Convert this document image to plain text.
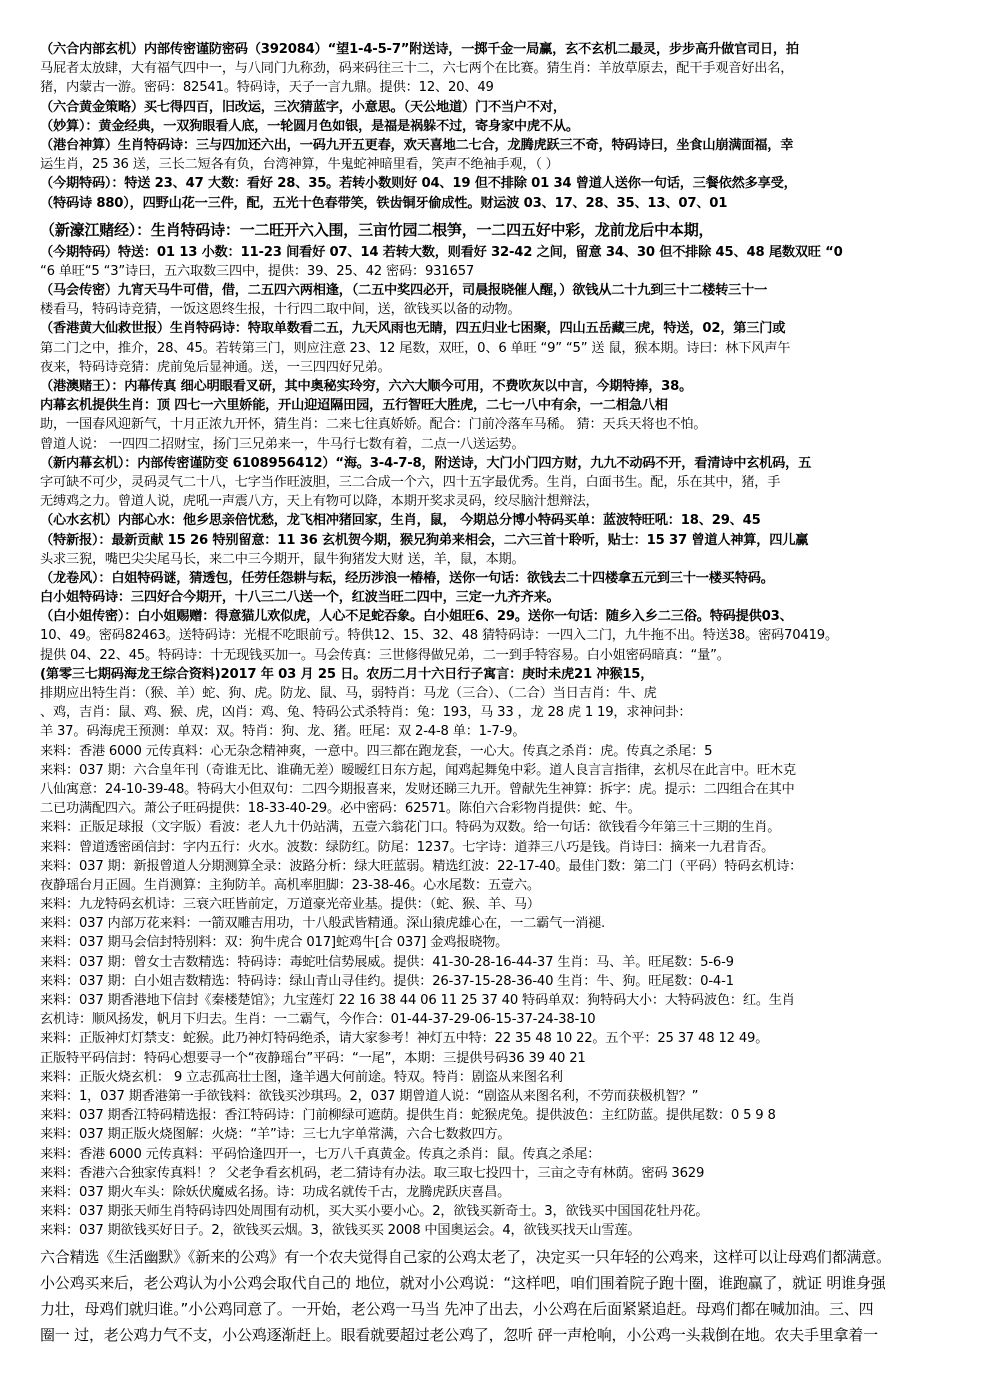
（六合内部玄机）内部传密谨防密码（392084）“望1-4-5-7”附送诗，一掷千金一局赢，玄不玄机二最灵，步步高升做官司日，拍
马屁者太放肆，大有福气四中一，与八同门九称劲，码来码往三十二，六七两个在比赛。猜生肖：羊放草原去，配干手观音好出名，
猪，内蒙古一游。密码：82541。特码诗，天子一言九鼎。提供：12、20、49
（六合黄金策略）买七得四百，旧改运，三次猜蓝字，小意思。（天公地道）门不当户不对，
（妙算）：黄金经典，一双狗眼看人底，一轮圆月色如银，是福是祸躲不过，寄身家中虎不从。
（港台神算）生肖特码诗：三与四加还六出，一码九开五更春，欢天喜地二七合，龙腾虎跃三不奇，特码诗曰，坐食山崩满面福，幸
运生肖，25 36 送，三长二短各有负，台湾神算，牛鬼蛇神暗里看，笑声不绝袖手观，（ ）
（今期特码）：特送 23、47 大数：看好 28、35。若转小数则好 04、19 但不排除 01 34 曾道人送你一句话，三餐依然多享受，
（特码诗 880），四野山花一三件，配，五光十色春带笑，铁齿铜牙偷成性。财运波 03、17、28、35、13、07、01
（新濠江赌经）：生肖特码诗：一二旺开六入围，三亩竹园二根笋，一二四五好中彩，龙前龙后中本期，
（今期特码）特送：01 13 小数：11-23 间看好 07、14 若转大数，则看好 32-42 之间，留意 34、30 但不排除 45、48 尾数双旺 “0
“6 单旺“5 “3”诗曰，五六取数三四中，提供：39、25、42 密码：931657
（马会传密）九宵天马牛可借，借，二五四六两相逢，（二五中奖四必开，司晨报晓催人醒，）欲钱从二十九到三十二楼转三十一
楼看马，特码诗竞猜，一饭这恩终生报，十行四二取中间，送，欲钱买以备的动物。
（香港黄大仙救世报）生肖特码诗：特取单数看二五，九天风雨也无睛，四五归业七困聚，四山五岳藏三虎，特送，02，第三门或
第二门之中，推介，28、45。若转第三门，则应注意 23、12 尾数，双旺，0、6 单旺 “9” “5” 送 鼠，猴本期。诗曰：林下风声午
夜来，特码诗竞猜：虎前兔后显神通。送，一三四四好兄弟。
（港澳赌王）：内幕传真 细心明眼看叉研，其中奥秘实玲穷，六六大顺今可用，不费吹灰以中言，今期特捧，38。
内幕玄机提供生肖：顶 四七一六里娇能，开山迎迢隔田园，五行智旺大胜虎，二七一八中有余，一二相急八相
助，一国春风迎新气，十月正浓九开怀，猜生肖：二来七往真娇娇。配合：门前冷落车马稀。 猜：天兵天将也不怕。
曾道人说： 一四四二招财宝，扬门三兄弟来一，牛马行七数有着，二点一八送运势。
（新内幕玄机）：内部传密谨防变 6108956412）“海。3-4-7-8，附送诗，大门小门四方财，九九不动码不开，看清诗中玄机码，五
字可缺不可少，灵码灵气二十八，七字当作旺波胆，三二合成一个六，四十五字最优秀。生肖，白面书生。配，乐在其中，猪，手
无缚鸡之力。曾道人说，虎吼一声震八方，天上有物可以降，本期开奖求灵码，绞尽脑汁想辩法，
（心水玄机）内部心水：他乡思亲倍忧愁，龙飞相冲猪回家，生肖，鼠， 今期总分博小特码买单：蓝波特旺吼：18、29、45
（特新报）：最新贡献 15 26 特别留意：11 36 玄机贺今期，猴兄狗弟来相会，二六三首十聆听，贴士：15 37 曾道人神算，四儿赢
头求三猊，嘴巴尖尖尾马长，来二中三今期开，鼠牛狗猪发大财 送，羊，鼠，本期。
（龙卷风）：白姐特码谜，猜透包，任劳任怨耕与耘，经历涉浪一椿椿，送你一句话：欲钱去二十四楼拿五元到三十一楼买特码。
白小姐特码诗：三四好合今期开，十八三二八送一个，红波当旺二四中，三定一九齐齐来。
（白小姐传密）：白小姐赐赠：得意猫儿欢似虎，人心不足蛇吞象。白小姐旺6、29。送你一句话：随乡入乡二三俗。特码提供03、
10、49。密码82463。送特码诗：光棍不吃眼前亏。特供12、15、32、48 猜特码诗：一四入二门，九牛拖不出。特送38。密码70419。
提供 04、22、45。特码诗：十无现钱买加一。马会传真：三世修得做兄弟，二一到手特容易。白小姐密码暗真：“量”。
(第零三七期码海龙王综合资料)2017 年 03 月 25 日。农历二月十六日行子寓言：庚时未虎21 冲猴15，
排期应出特生肖：（猴、羊）蛇、狗、虎。防龙、鼠、马，弱特肖：马龙（三合）、（二合）当日吉肖：牛、虎
、鸡，吉肖：鼠、鸡、猴、虎，凶肖：鸡、兔、特码公式杀特肖：兔：193，马 33 ，龙 28 虎 1 19，求神问卦：
羊 37。码海虎王预测：单双：双。特肖：狗、龙、猪。旺尾：双 2-4-8 单：1-7-9。
来料：香港 6000 元传真料：心无杂念精神爽，一意中。四三都在跑龙套，一心大。传真之杀肖：虎。传真之杀尾：5
来料：037 期：六合皇年刊（奇谁无比、谁确无差）暧暧红日东方起，闻鸡起舞兔中彩。道人良言言指律，玄机尽在此言中。旺木克
八仙寓意：24-10-39-48。特码大小但双句：二四今期报喜来，发财还睇三九开。曾献先生神算：拆字：虎。提示：二四组合在其中
二已功满配四六。萧公子旺码提供：18-33-40-29。必中密码：62571。陈伯六合彩物肖提供：蛇、牛。
来料：正版足球报（文字版）看波：老人九十仍站满，五壹六翁花门口。特码为双数。给一句话：欲钱看今年第三十三期的生肖。
来料：曾道透密函信封：字内五行：火水。波数：绿防红。防尾：1237。七字诗：道莽三八巧是钱。肖诗曰：摘来一九君肯否。
来料：037 期：新报曾道人分期测算全录：波路分析：绿大旺蓝弱。精选红波：22-17-40。最佳门数：第二门（平码）特码玄机诗：
夜静瑶台月正圆。生肖测算：主狗防羊。高机率胆脚：23-38-46。心水尾数：五壹六。
来料：九龙特码玄机诗：三衰六旺皆前定，万道豪光帝业基。提供：（蛇、猴、羊、马）
来料：037 内部万花来料：一箭双雕吉用功，十八般武皆精通。深山猿虎雄心在，一二霸气一消褪.
来料：037 期马会信封特别料：双：狗牛虎合 017]蛇鸡牛[合 037] 金鸡报晓物。
来料：037 期：曾女士吉数精选：特码诗：毒蛇吐信势展威。提供：41-30-28-16-44-37 生肖：马、羊。旺尾数：5-6-9
来料：037 期：白小姐吉数精选：特码诗：绿山青山寻佳约。提供：26-37-15-28-36-40 生肖：牛、狗。旺尾数：0-4-1
来料：037 期香港地下信封《秦楼楚馆》；九宝莲灯 22 16 38 44 06 11 25 37 40 特码单双：狗特码大小：大特码波色：红。生肖
玄机诗：顺风扬发，帆月下归去。生肖：一二霸气，今作合：01-44-37-29-06-15-37-24-38-10
来料：正版神灯灯禁支：蛇猴。此乃神灯特码绝杀，请大家参考！神灯五中特：22 35 48 10 22。五个平：25 37 48 12 49。
正版特平码信封：特码心想要寻一个“夜静瑶台”平码：“一尾”，本期：三提供号码36 39 40 21
来料：正版火烧玄机： 9 立志孤高壮士图，逢羊遇大何前途。特双。特肖：剧盗从来图名利
来料：1，037 期香港第一手欲钱料：欲钱买沙琪玛。2，037 期曾道人说：“剧盗从来图名利，不劳而获极机智？”
来料：037 期香江特码精选报：香江特码诗：门前柳绿可遮荫。提供生肖：蛇猴虎兔。提供波色：主红防蓝。提供尾数：0 5 9 8
来料：037 期正版火烧图解：火烧：“羊”诗：三七九字单常满，六合七数救四方。
来料：香港 6000 元传真料：平码恰逢四开一，七万八千真黄金。传真之杀肖：鼠。传真之杀尾：
来料：香港六合独家传真料！？ 父老争看玄机码，老二猜诗有办法。取三取七投四十，三亩之寺有林荫。密码 3629
来料：037 期火车头：除妖伏魔威名扬。诗：功成名就传千古，龙腾虎跃庆喜昌。
来料：037 期张天师生肖特码诗四处周围有动机，买大买小要小心。2，欲钱买新奇士。3，欲钱买中国国花牡丹花。
来料：037 期欲钱买好日子。2，欲钱买云烟。3，欲钱买买 2008 中国奥运会。4，欲钱买找天山雪莲。
六合精选《生活幽默》《新来的公鸡》有一个农夫觉得自己家的公鸡太老了，决定买一只年轻的公鸡来，这样可以让母鸡们都满意。
小公鸡买来后，老公鸡认为小公鸡会取代自己的 地位，就对小公鸡说：“这样吧，咱们围着院子跑十圈，谁跑赢了，就证 明谁身强
力壮，母鸡们就归谁。”小公鸡同意了。一开始，老公鸡一马当 先冲了出去，小公鸡在后面紧紧追赶。母鸡们都在喊加油。三、四
圈一 过，老公鸡力气不支，小公鸡逐渐赶上。眼看就要超过老公鸡了，忽听 砰一声枪响，小公鸡一头栽倒在地。农夫手里拿着一
